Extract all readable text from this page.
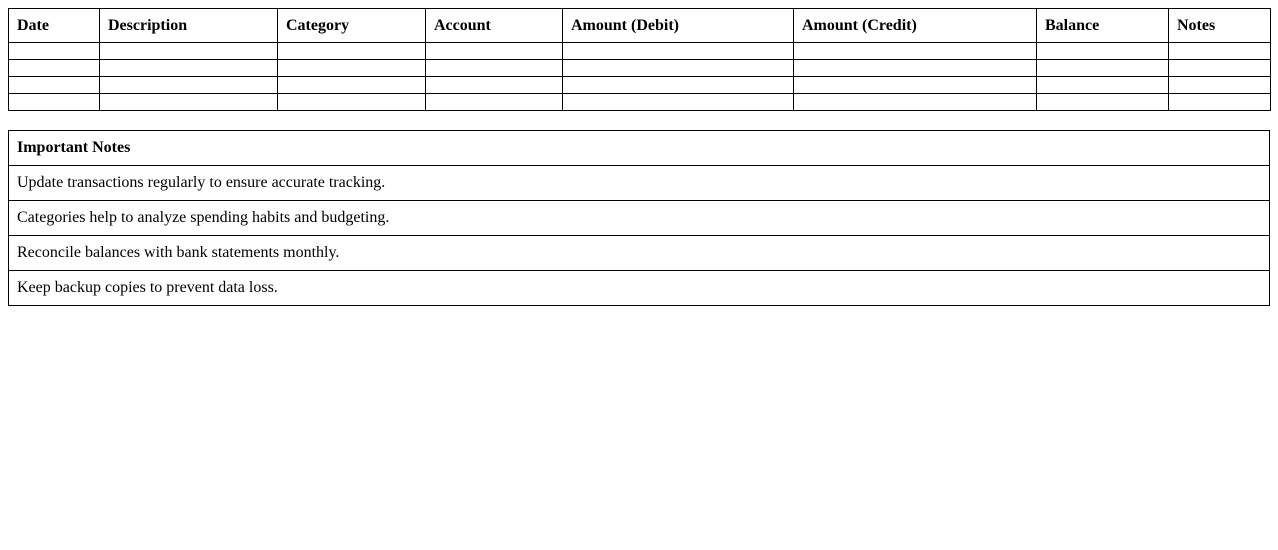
Date	Description	Category	Account	Amount (Debit)	Amount (Credit)	Balance	Notes

Important Notes
Update transactions regularly to ensure accurate tracking.
Categories help to analyze spending habits and budgeting.
Reconcile balances with bank statements monthly.
Keep backup copies to prevent data loss.
